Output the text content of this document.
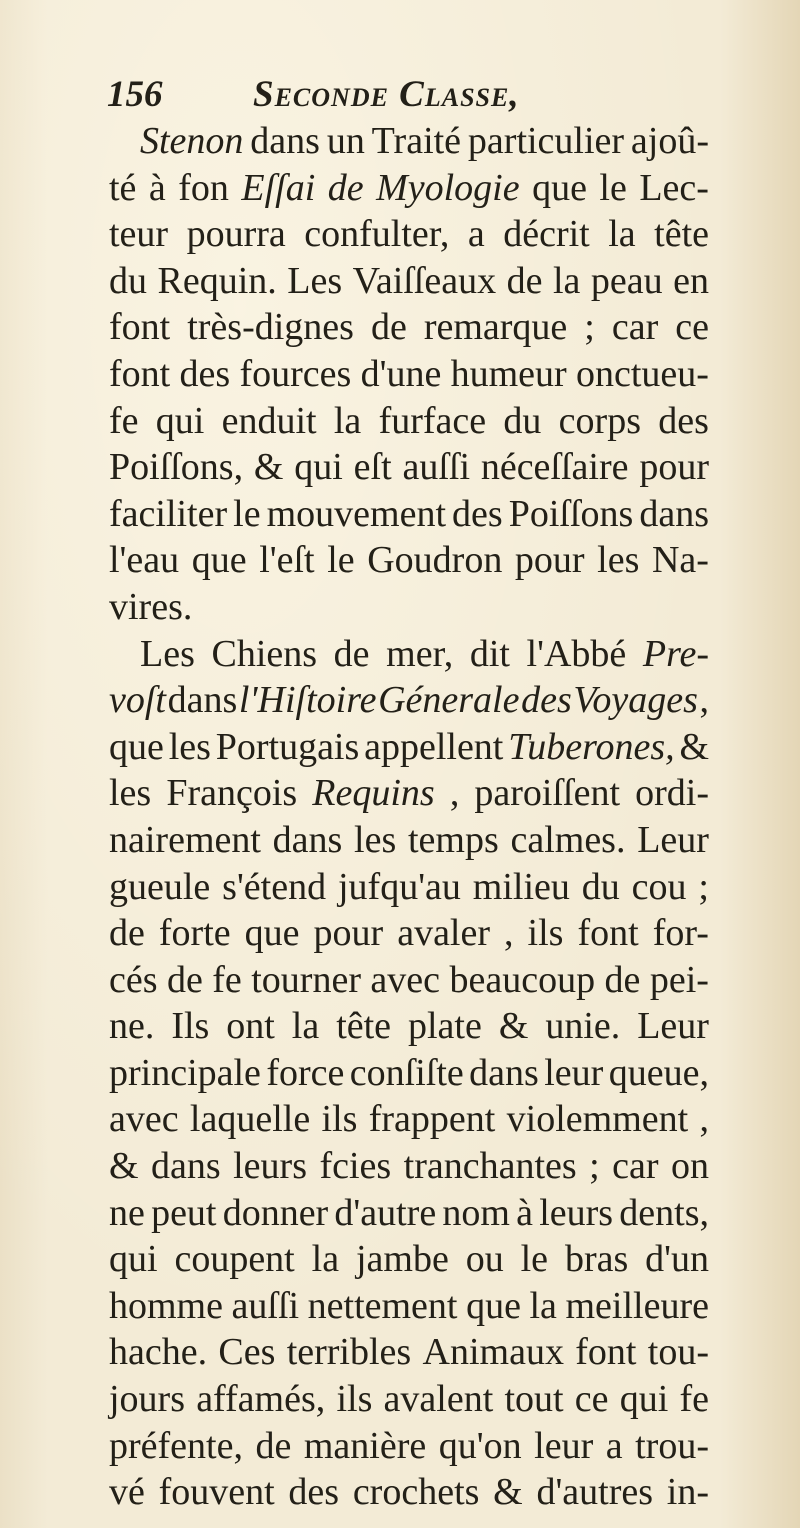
156 Seconde Classe,
Stenon dans un Traité particulier ajoû-
té à fon Eſſai de Myologie que le Lec-
teur pourra confulter, a décrit la tête
du Requin. Les Vaiſſeaux de la peau en
font très-dignes de remarque ; car ce
font des fources d'une humeur onctueu-
fe qui enduit la furface du corps des
Poiſſons, & qui eſt auſſi néceſſaire pour
faciliter le mouvement des Poiſſons dans
l'eau que l'eſt le Goudron pour les Na-
vires.
Les Chiens de mer, dit l'Abbé Pre-
voſt dans l'Hiſtoire Génerale des Voyages ,
que les Portugais appellent Tuberones, &
les François Requins , paroiſſent ordi-
nairement dans les temps calmes. Leur
gueule s'étend jufqu'au milieu du cou ;
de forte que pour avaler , ils font for-
cés de fe tourner avec beaucoup de pei-
ne. Ils ont la tête plate & unie. Leur
principale force conſiſte dans leur queue,
avec laquelle ils frappent violemment ,
& dans leurs fcies tranchantes ; car on
ne peut donner d'autre nom à leurs dents,
qui coupent la jambe ou le bras d'un
homme auſſi nettement que la meilleure
hache. Ces terribles Animaux font tou-
jours affamés, ils avalent tout ce qui fe
préfente, de manière qu'on leur a trou-
vé fouvent des crochets & d'autres in-
